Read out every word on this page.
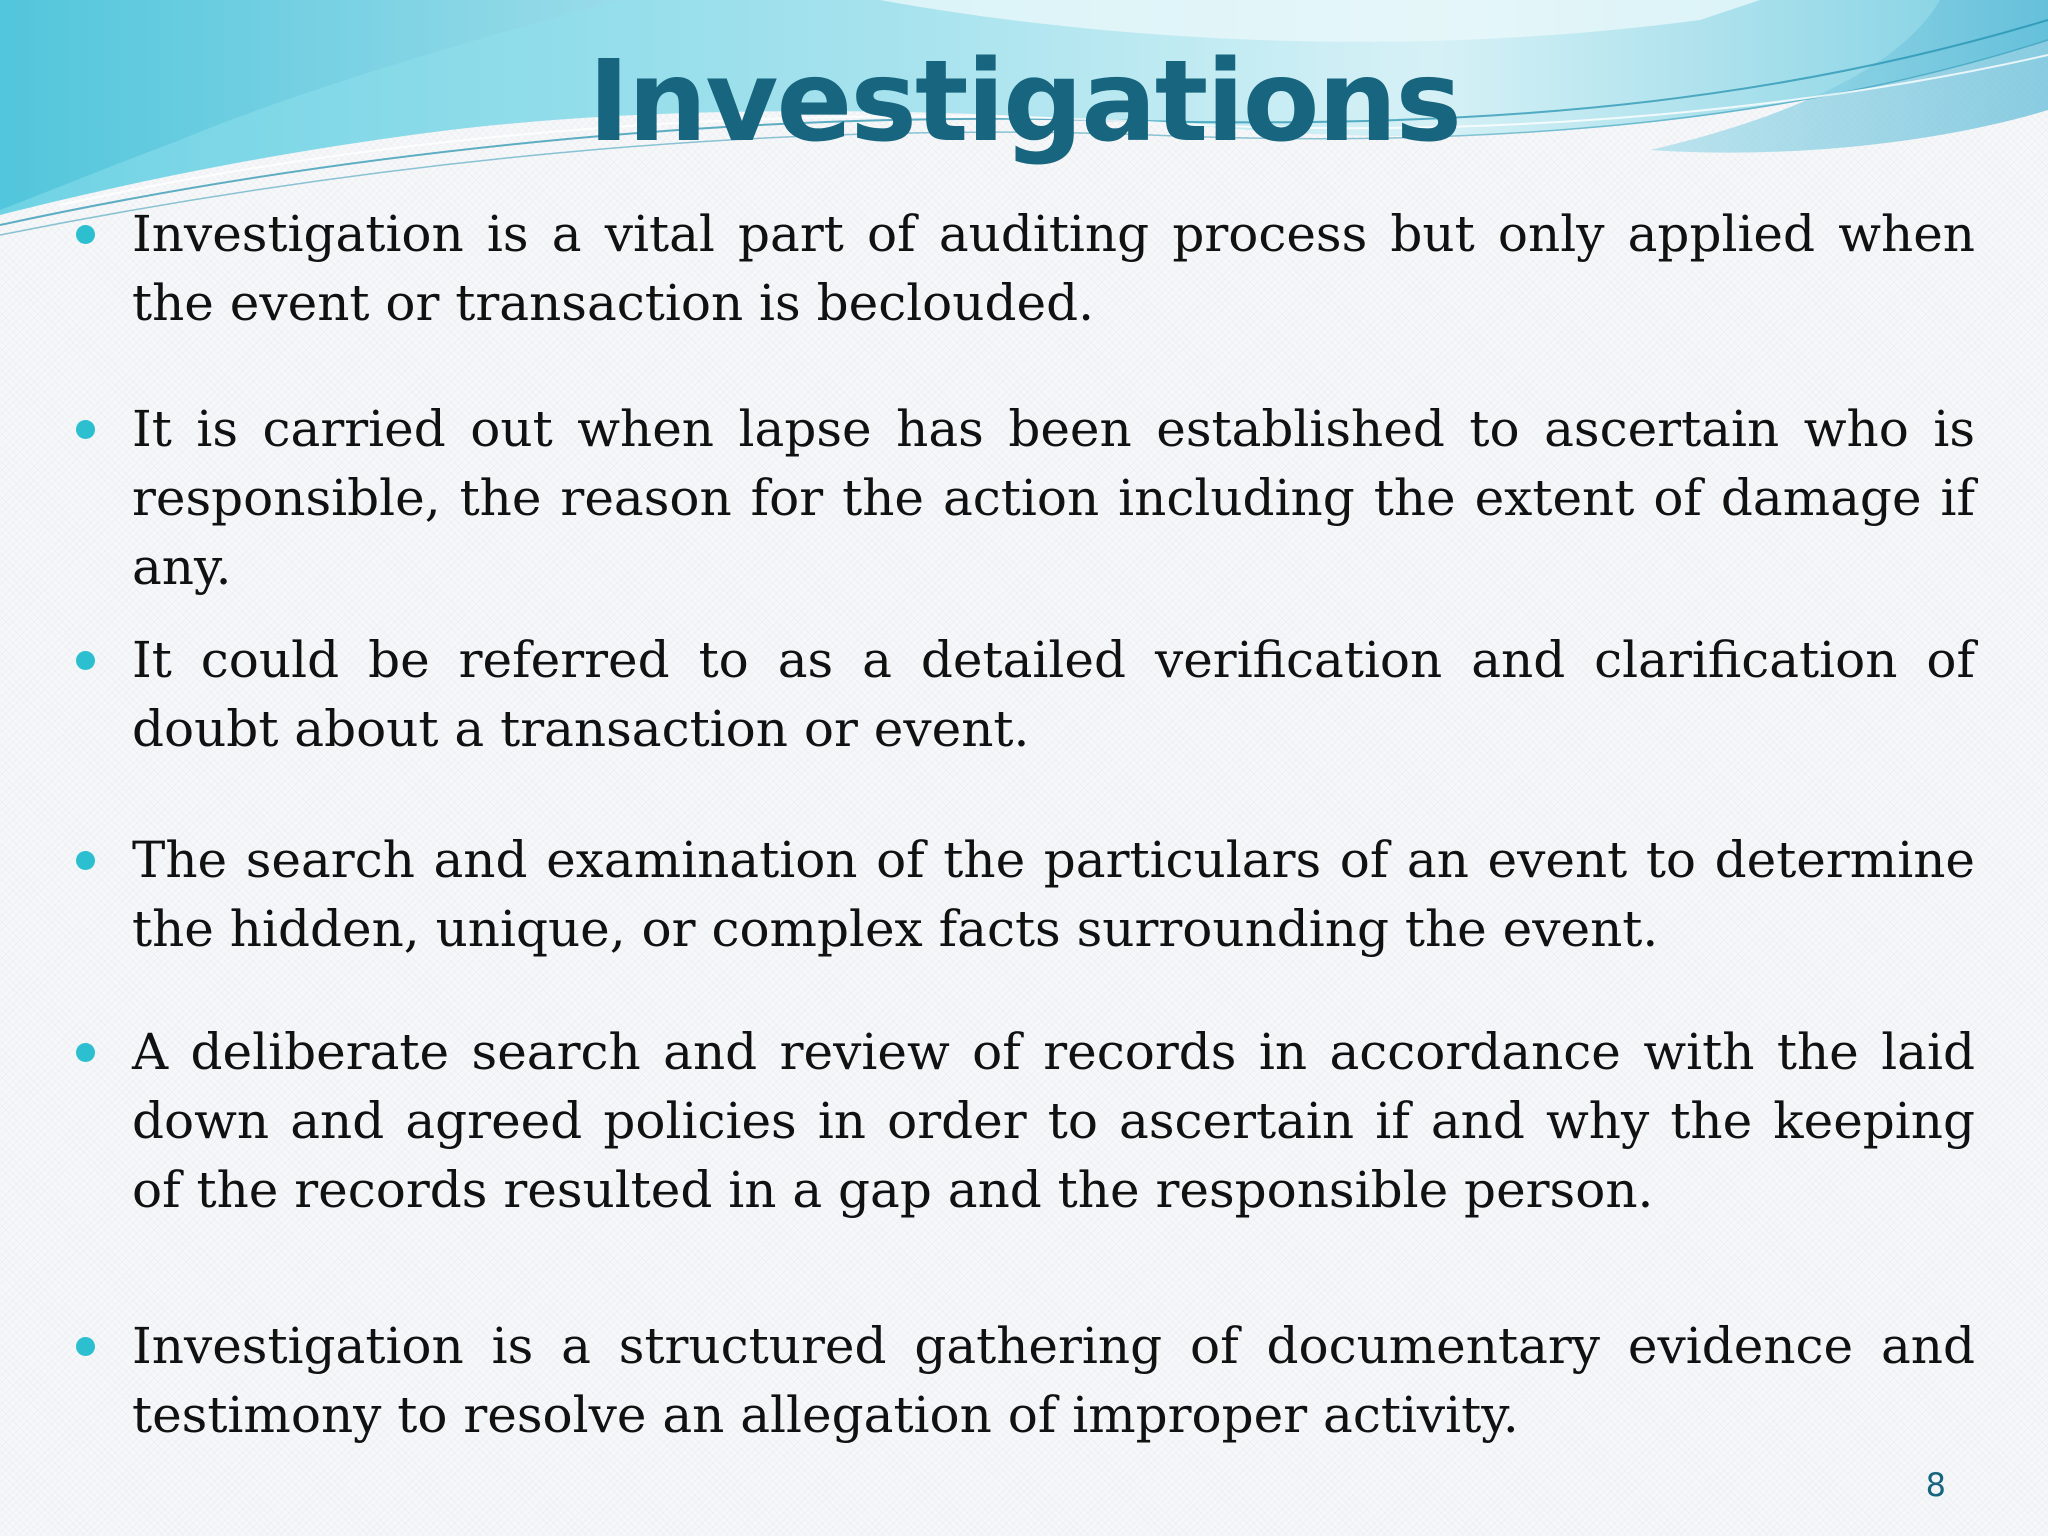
Investigations
Investigation is a vital part of auditing process but only applied when the event or transaction is beclouded.
It is carried out when lapse has been established to ascertain who is responsible, the reason for the action including the extent of damage if any.
It could be referred to as a detailed verification and clarification of doubt about a transaction or event.
The search and examination of the particulars of an event to determine the hidden, unique, or complex facts surrounding the event.
A deliberate search and review of records in accordance with the laid down and agreed policies in order to ascertain if and why the keeping of the records resulted in a gap and the responsible person.
Investigation is a structured gathering of documentary evidence and testimony to resolve an allegation of improper activity.
8
